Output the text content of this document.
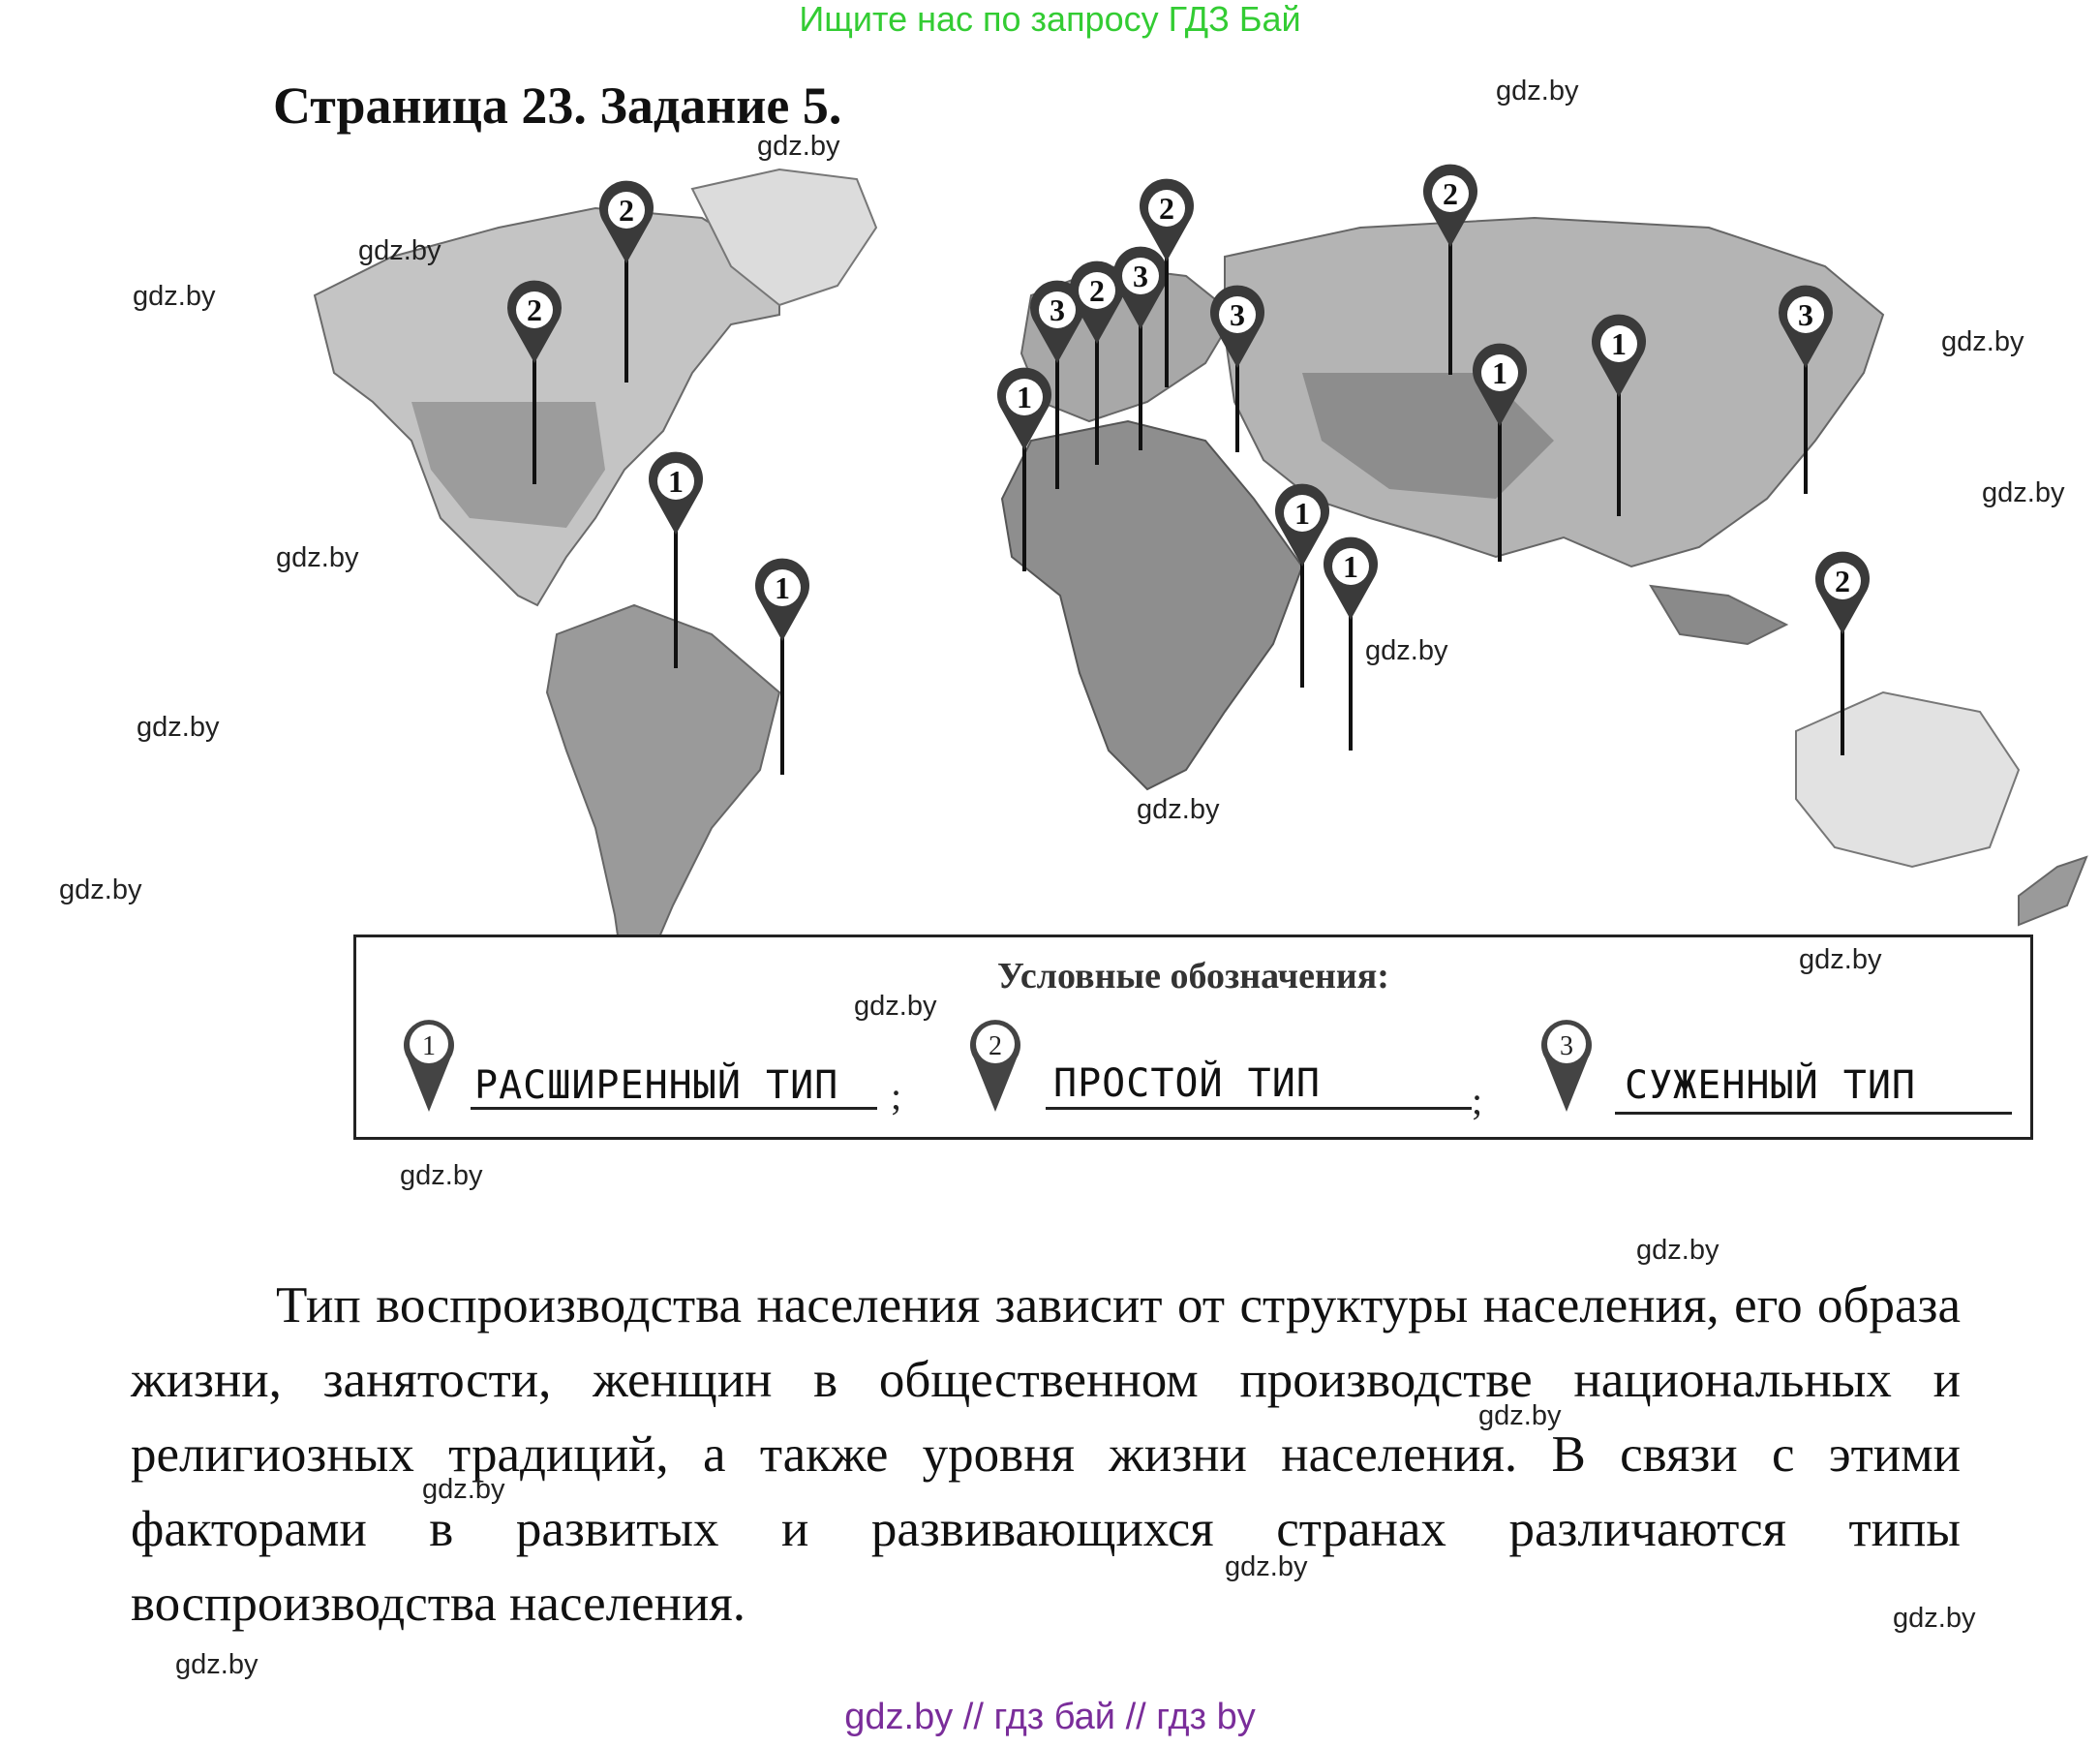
Ищите нас по запросу ГДЗ Бай
Страница 23. Задание 5.
2
2
1
1
1
3
2 3
2
3
1
1
2
1
1
3
2
Условные обозначения:
1
РАСШИРЕННЫЙ ТИП ;
2
ПРОСТОЙ ТИП	;
3
СУЖЕННЫЙ ТИП
Тип воспроизводства населения зависит от структуры населения, его образа жизни, занятости, женщин в общественном производстве национальных и религиозных традиций, а также уровня жизни населения. В связи с этими факторами в развитых и развивающихся странах различаются типы воспроизводства населения.
gdz.by
gdz.by
gdz.by
gdz.by
gdz.by
gdz.by
gdz.by
gdz.by
gdz.by
gdz.by
gdz.by
gdz.by
gdz.by
gdz.by
gdz.by
gdz.by
gdz.by
gdz.by
gdz.by
gdz.by
gdz.by // гдз бай // гдз by
